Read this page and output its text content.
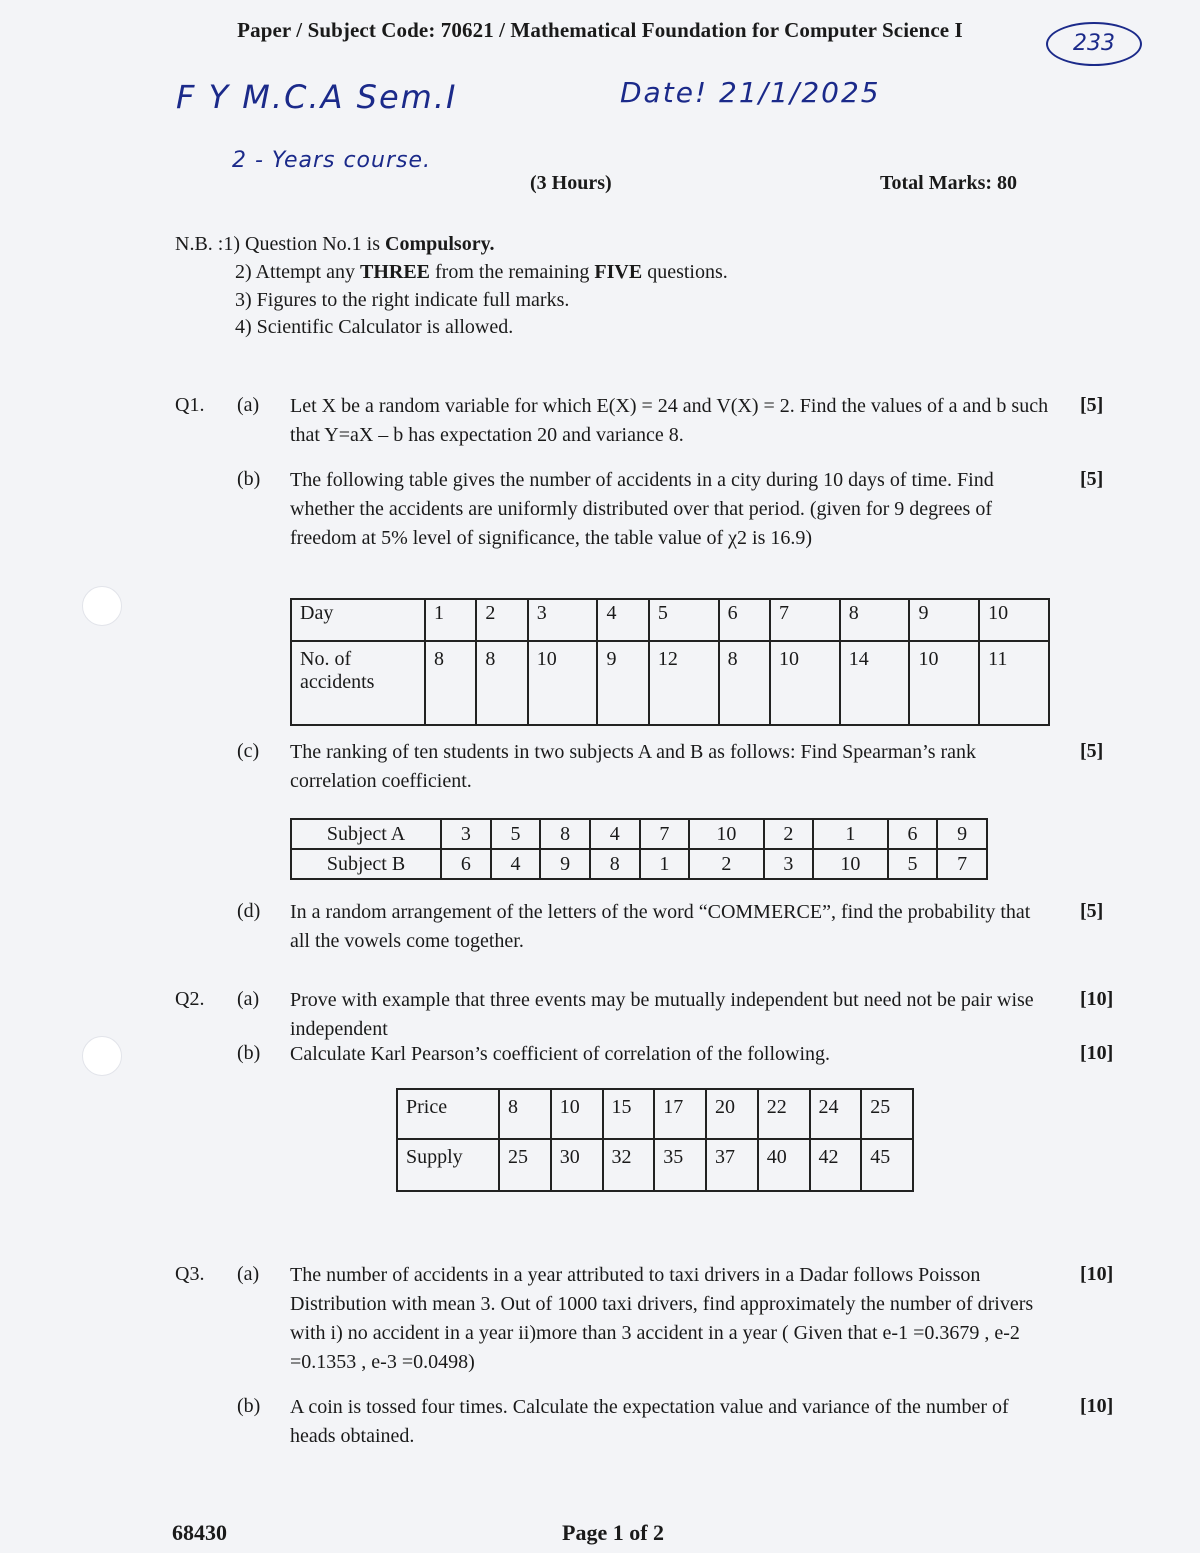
Paper / Subject Code: 70621 / Mathematical Foundation for Computer Science I
233
F Y M.C.A Sem.I	Date! 21/1/2025
2 - Years course.
(3 Hours)	Total Marks: 80
N.B. :1) Question No.1 is Compulsory.
2) Attempt any THREE from the remaining FIVE questions.
3) Figures to the right indicate full marks.
4) Scientific Calculator is allowed.
Q1. (a) Let X be a random variable for which E(X) = 24 and V(X) = 2. Find the values of a and b such that Y=aX – b has expectation 20 and variance 8.
[5]
(b) The following table gives the number of accidents in a city during 10 days of time. Find whether the accidents are uniformly distributed over that period. (given for 9 degrees of freedom at 5% level of significance, the table value of χ2 is 16.9)
[5]
Day	1	2	3	4	5	6	7	8	9	10
No. of accidents	8	8	10	9	12	8	10	14	10	11
(c) The ranking of ten students in two subjects A and B as follows: Find Spearman’s rank correlation coefficient.
[5]
Subject A	3	5	8	4	7	10	2	1	6	9
Subject B	6	4	9	8	1	2	3	10	5	7
(d) In a random arrangement of the letters of the word “COMMERCE”, find the probability that all the vowels come together.
[5]
Q2. (a) Prove with example that three events may be mutually independent but need not be pair wise independent
[10]
(b) Calculate Karl Pearson’s coefficient of correlation of the following.	[10]
Price	8	10	15	17	20	22	24	25
Supply	25	30	32	35	37	40	42	45
Q3. (a) The number of accidents in a year attributed to taxi drivers in a Dadar follows Poisson Distribution with mean 3. Out of 1000 taxi drivers, find approximately the number of drivers with i) no accident in a year ii)more than 3 accident in a year ( Given that e-1 =0.3679 , e-2 =0.1353 , e-3 =0.0498)
[10]
(b) A coin is tossed four times. Calculate the expectation value and variance of the number of heads obtained.
[10]
68430	Page 1 of 2
